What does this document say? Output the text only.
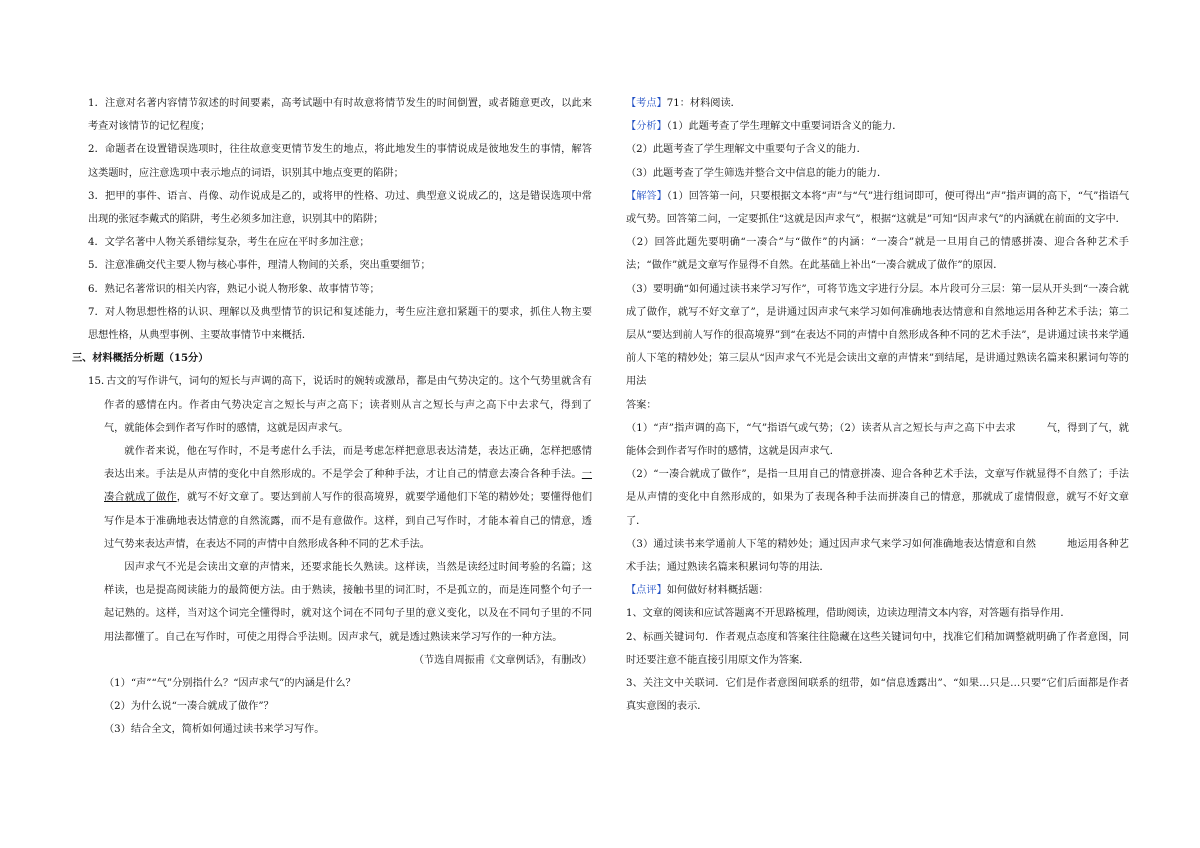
1．注意对名著内容情节叙述的时间要素，高考试题中有时故意将情节发生的时间倒置，或者随意更改，以此来考查对该情节的记忆程度；

2．命题者在设置错误选项时，往往故意变更情节发生的地点，将此地发生的事情说成是彼地发生的事情，解答这类题时，应注意选项中表示地点的词语，识别其中地点变更的陷阱；

3．把甲的事件、语言、肖像、动作说成是乙的，或将甲的性格、功过、典型意义说成乙的，这是错误选项中常出现的张冠李戴式的陷阱，考生必须多加注意，识别其中的陷阱；

4．文学名著中人物关系错综复杂，考生在应在平时多加注意；

5．注意准确交代主要人物与核心事件，理清人物间的关系，突出重要细节；

6．熟记名著常识的相关内容，熟记小说人物形象、故事情节等；

7．对人物思想性格的认识、理解以及典型情节的识记和复述能力，考生应注意扣紧题干的要求，抓住人物主要思想性格，从典型事例、主要故事情节中来概括．

三、材料概括分析题（15分）

15．古文的写作讲气，词句的短长与声调的高下，说话时的婉转或激昂，都是由气势决定的。这个气势里就含有作者的感情在内。作者由气势决定言之短长与声之高下；读者则从言之短长与声之高下中去求气，得到了气，就能体会到作者写作时的感情，这就是因声求气。

就作者来说，他在写作时，不是考虑什么手法，而是考虑怎样把意思表达清楚，表达正确，怎样把感情表达出来。手法是从声情的变化中自然形成的。不是学会了种种手法，才让自己的情意去凑合各种手法。一凑合就成了做作，就写不好文章了。要达到前人写作的很高境界，就要学通他们下笔的精妙处；要懂得他们写作是本于准确地表达情意的自然流露，而不是有意做作。这样，到自己写作时，才能本着自己的情意，透过气势来表达声情，在表达不同的声情中自然形成各种不同的艺术手法。

因声求气不光是会读出文章的声情来，还要求能长久熟读。这样读，当然是读经过时间考验的名篇；这样读，也是提高阅读能力的最简便方法。由于熟读，接触书里的词汇时，不是孤立的，而是连同整个句子一起记熟的。这样，当对这个词完全懂得时，就对这个词在不同句子里的意义变化，以及在不同句子里的不同用法都懂了。自己在写作时，可使之用得合乎法则。因声求气，就是透过熟读来学习写作的一种方法。

（节选自周振甫《文章例话》，有删改）

（1）“声”“气”分别指什么？“因声求气”的内涵是什么？

（2）为什么说“一凑合就成了做作”？

（3）结合全文，简析如何通过读书来学习写作。

【考点】71：材料阅读．

【分析】（1）此题考查了学生理解文中重要词语含义的能力．

（2）此题考查了学生理解文中重要句子含义的能力．

（3）此题考查了学生筛选并整合文中信息的能力的能力．

【解答】（1）回答第一问，只要根据文本将“声”与“气”进行组词即可，便可得出“声”指声调的高下，“气”指语气或气势。回答第二问，一定要抓住“这就是因声求气”，根据“这就是”可知“因声求气”的内涵就在前面的文字中．

（2）回答此题先要明确“一凑合”与“做作”的内涵：“一凑合”就是一旦用自己的情感拼凑、迎合各种艺术手法；“做作”就是文章写作显得不自然。在此基础上补出“一凑合就成了做作”的原因．

（3）要明确“如何通过读书来学习写作”，可将节选文字进行分层。本片段可分三层：第一层从开头到“一凑合就成了做作，就写不好文章了”，是讲通过因声求气来学习如何准确地表达情意和自然地运用各种艺术手法；第二层从“要达到前人写作的很高境界”到“在表达不同的声情中自然形成各种不同的艺术手法”，是讲通过读书来学通前人下笔的精妙处；第三层从“因声求气不光是会读出文章的声情来”到结尾，是讲通过熟读名篇来积累词句等的用法

答案：

（1）“声”指声调的高下，“气”指语气或气势；（2）读者从言之短长与声之高下中去求　　　气，得到了气，就能体会到作者写作时的感情，这就是因声求气．

（2）“一凑合就成了做作”，是指一旦用自己的情意拼凑、迎合各种艺术手法，文章写作就显得不自然了；手法是从声情的变化中自然形成的，如果为了表现各种手法而拼凑自己的情意，那就成了虚情假意，就写不好文章了．

（3）通过读书来学通前人下笔的精妙处；通过因声求气来学习如何准确地表达情意和自然　　　地运用各种艺术手法；通过熟读名篇来积累词句等的用法．

【点评】如何做好材料概括题：

1、文章的阅读和应试答题离不开思路梳理，借助阅读，边读边理清文本内容，对答题有指导作用．

2、标画关键词句．作者观点态度和答案往往隐藏在这些关键词句中，找准它们稍加调整就明确了作者意图，同时还要注意不能直接引用原文作为答案．

3、关注文中关联词．它们是作者意图间联系的纽带，如“信息透露出”、“如果…只是…只要”它们后面都是作者真实意图的表示．
